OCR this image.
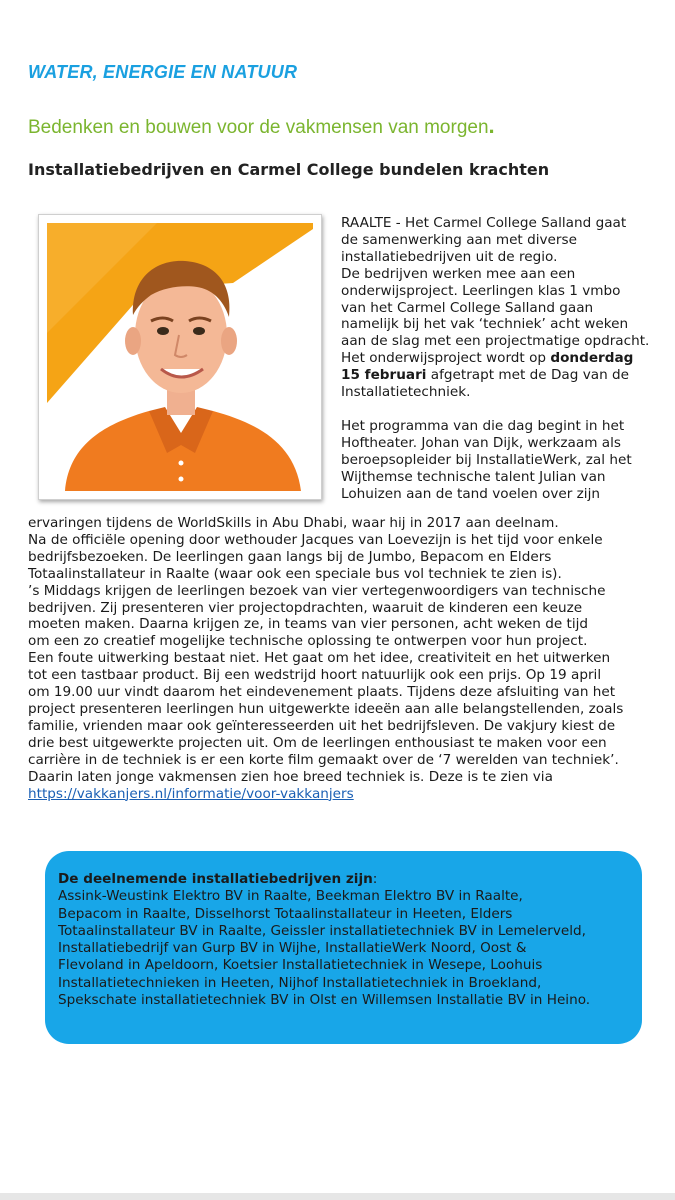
WATER, ENERGIE EN NATUUR

Bedenken en bouwen voor de vakmensen van morgen.

Installatiebedrijven en Carmel College bundelen krachten
RAALTE - Het Carmel College Salland gaat
de samenwerking aan met diverse
installatiebedrijven uit de regio.
De bedrijven werken mee aan een
onderwijsproject. Leerlingen klas 1 vmbo
van het Carmel College Salland gaan
namelijk bij het vak ‘techniek’ acht weken
aan de slag met een projectmatige opdracht.
Het onderwijsproject wordt op donderdag
15 februari afgetrapt met de Dag van de
Installatietechniek.

Het programma van die dag begint in het
Hoftheater. Johan van Dijk, werkzaam als
beroepsopleider bij InstallatieWerk, zal het
Wijthemse technische talent Julian van
Lohuizen aan de tand voelen over zijn
ervaringen tijdens de WorldSkills in Abu Dhabi, waar hij in 2017 aan deelnam.
Na de officiële opening door wethouder Jacques van Loevezijn is het tijd voor enkele
bedrijfsbezoeken. De leerlingen gaan langs bij de Jumbo, Bepacom en Elders
Totaalinstallateur in Raalte (waar ook een speciale bus vol techniek te zien is).
’s Middags krijgen de leerlingen bezoek van vier vertegenwoordigers van technische
bedrijven. Zij presenteren vier projectopdrachten, waaruit de kinderen een keuze
moeten maken. Daarna krijgen ze, in teams van vier personen, acht weken de tijd
om een zo creatief mogelijke technische oplossing te ontwerpen voor hun project.
Een foute uitwerking bestaat niet. Het gaat om het idee, creativiteit en het uitwerken
tot een tastbaar product. Bij een wedstrijd hoort natuurlijk ook een prijs. Op 19 april
om 19.00 uur vindt daarom het eindevenement plaats. Tijdens deze afsluiting van het
project presenteren leerlingen hun uitgewerkte ideeën aan alle belangstellenden, zoals
familie, vrienden maar ook geïnteresseerden uit het bedrijfsleven. De vakjury kiest de
drie best uitgewerkte projecten uit. Om de leerlingen enthousiast te maken voor een
carrière in de techniek is er een korte film gemaakt over de ‘7 werelden van techniek’.
Daarin laten jonge vakmensen zien hoe breed techniek is. Deze is te zien via
https://vakkanjers.nl/informatie/voor-vakkanjers
De deelnemende installatiebedrijven zijn:
Assink-Weustink Elektro BV in Raalte, Beekman Elektro BV in Raalte,
Bepacom in Raalte, Disselhorst Totaalinstallateur in Heeten, Elders
Totaalinstallateur BV in Raalte, Geissler installatietechniek BV in Lemelerveld,
Installatiebedrijf van Gurp BV in Wijhe, InstallatieWerk Noord, Oost &
Flevoland in Apeldoorn, Koetsier Installatietechniek in Wesepe, Loohuis
Installatietechnieken in Heeten, Nijhof Installatietechniek in Broekland,
Spekschate installatietechniek BV in Olst en Willemsen Installatie BV in Heino.
